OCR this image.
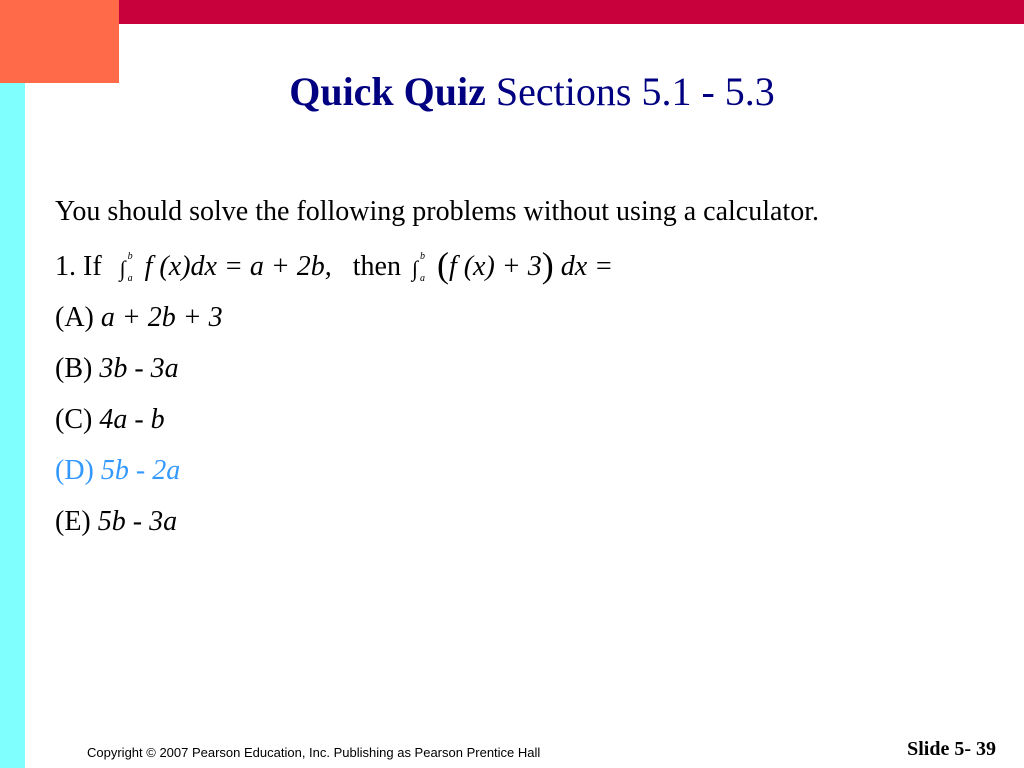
Quick Quiz Sections 5.1 - 5.3
You should solve the following problems without using a calculator.
1. If ∫ b
a f (x)dx = a + 2b, then ∫ b
a (f (x) + 3) dx =
(A) a + 2b + 3
(B) 3b - 3a
(C) 4a - b
(D) 5b - 2a
(E) 5b - 3a
Copyright © 2007 Pearson Education, Inc. Publishing as Pearson Prentice Hall	Slide 5- 39
